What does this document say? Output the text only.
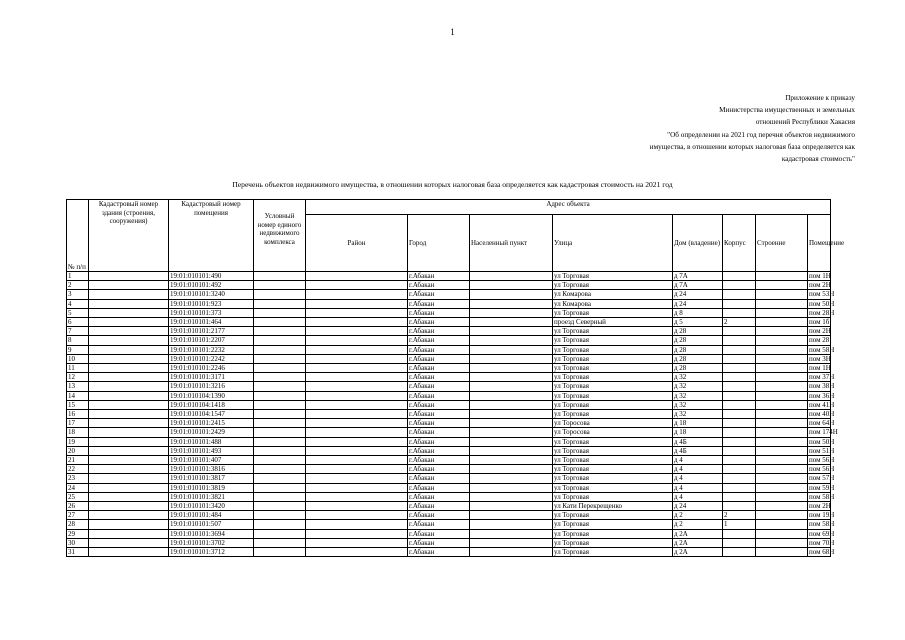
1
Приложение к приказу
Министерства имущественных и земельных
отношений Республики Хакасия
"Об определении на 2021 год перечня объектов недвижимого
имущества, в отношении которых налоговая база определяется как
кадастровая стоимость"
Перечень объектов недвижимого имущества, в отношении которых налоговая база определяется как кадастровая стоимость на 2021 год
№ п/п	Кадастровый номер здания (строения, сооружения)	Кадастровый номер помещения	Условный номер единого недвижимого комплекса	Адрес объекта							
				Район	Город	Населенный пункт	Улица	Дом (владение)	Корпус	Строение	Помещение
1		19:01:010101:490			г.Абакан		ул Торговая	д 7А			пом 1Н
2		19:01:010101:492			г.Абакан		ул Торговая	д 7А			пом 2Н
3		19:01:010101:3240			г.Абакан		ул Комарова	д 24			пом 53Н
4		19:01:010101:923			г.Абакан		ул Комарова	д 24			пом 50Н
5		19:01:010101:373			г.Абакан		ул Торговая	д 8			пом 28Н
6		19:01:010101:464			г.Абакан		проезд Северный	д 5	2		пом 1б
7		19:01:010101:2177			г.Абакан		ул Торговая	д 28			пом 2Н
8		19:01:010101:2207			г.Абакан		ул Торговая	д 28			пом 28
9		19:01:010101:2232			г.Абакан		ул Торговая	д 28			пом 58Н
10		19:01:010101:2242			г.Абакан		ул Торговая	д 28			пом 3Н
11		19:01:010101:2246			г.Абакан		ул Торговая	д 28			пом 1Н
12		19:01:010101:3171			г.Абакан		ул Торговая	д 32			пом 37Н
13		19:01:010101:3216			г.Абакан		ул Торговая	д 32			пом 38Н
14		19:01:010104:1390			г.Абакан		ул Торговая	д 32			пом 36Н
15		19:01:010104:1418			г.Абакан		ул Торговая	д 32			пом 41Н
16		19:01:010104:1547			г.Абакан		ул Торговая	д 32			пом 40Н
17		19:01:010101:2415			г.Абакан		ул Торосова	д 18			пом 64Н
18		19:01:010101:2429			г.Абакан		ул Торосова	д 18			пом 174Н
19		19:01:010101:488			г.Абакан		ул Торговая	д 4Б			пом 50Н
20		19:01:010101:493			г.Абакан		ул Торговая	д 4Б			пом 51Н
21		19:01:010101:407			г.Абакан		ул Торговая	д 4			пом 56Н
22		19:01:010101:3816			г.Абакан		ул Торговая	д 4			пом 56Н
23		19:01:010101:3817			г.Абакан		ул Торговая	д 4			пом 57Н
24		19:01:010101:3819			г.Абакан		ул Торговая	д 4			пом 59Н
25		19:01:010101:3821			г.Абакан		ул Торговая	д 4			пом 58Н
26		19:01:010101:3420			г.Абакан		ул Кати Перекрещенко	д 24			пом 2Н
27		19:01:010101:484			г.Абакан		ул Торговая	д 2	2		пом 19Н
28		19:01:010101:507			г.Абакан		ул Торговая	д 2	1		пом 58Н
29		19:01:010101:3694			г.Абакан		ул Торговая	д 2А			пом 69Н
30		19:01:010101:3702			г.Абакан		ул Торговая	д 2А			пом 70Н
31		19:01:010101:3712			г.Абакан		ул Торговая	д 2А			пом 68Н
